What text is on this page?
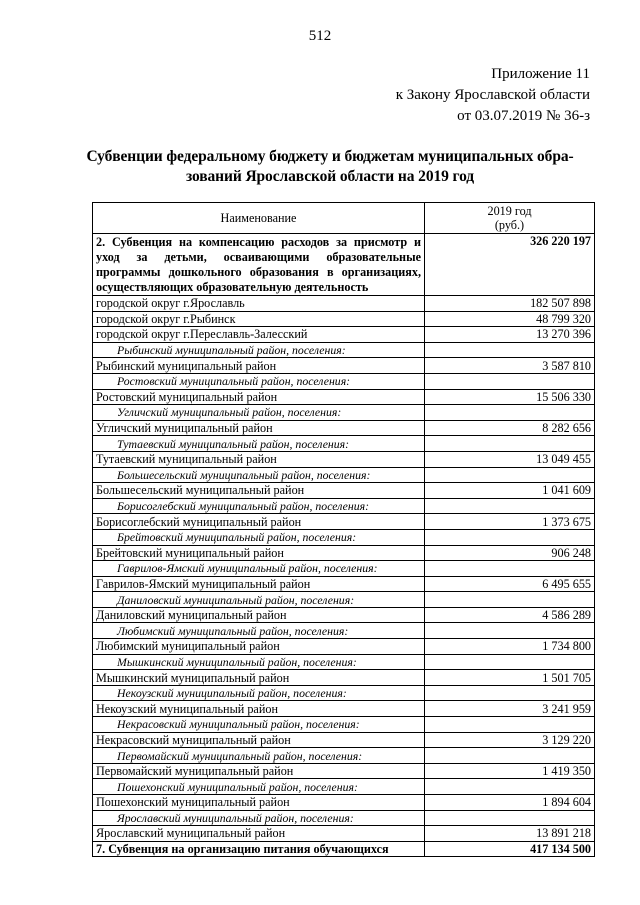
512
Приложение 11
к Закону Ярославской области
от 03.07.2019 № 36-з
Субвенции федеральному бюджету и бюджетам муниципальных обра-
зований Ярославской области на 2019 год
Наименование	2019 год
(руб.)

2. Субвенция на компенсацию расходов за присмотр и уход за детьми, осваивающими образовательные программы дошкольного образования в организациях, осуществляющих образовательную деятельность	326 220 197
городской округ г.Ярославль	182 507 898
городской округ г.Рыбинск	48 799 320
городской округ г.Переславль-Залесский	13 270 396
Рыбинский муниципальный район, поселения:	
Рыбинский муниципальный район	3 587 810
Ростовский муниципальный район, поселения:	
Ростовский муниципальный район	15 506 330
Угличский муниципальный район, поселения:	
Угличский муниципальный район	8 282 656
Тутаевский муниципальный район, поселения:	
Тутаевский муниципальный район	13 049 455
Большесельский муниципальный район, поселения:	
Большесельский муниципальный район	1 041 609
Борисоглебский муниципальный район, поселения:	
Борисоглебский муниципальный район	1 373 675
Брейтовский муниципальный район, поселения:	
Брейтовский муниципальный район	906 248
Гаврилов-Ямский муниципальный район, поселения:	
Гаврилов-Ямский муниципальный район	6 495 655
Даниловский муниципальный район, поселения:	
Даниловский муниципальный район	4 586 289
Любимский муниципальный район, поселения:	
Любимский муниципальный район	1 734 800
Мышкинский муниципальный район, поселения:	
Мышкинский муниципальный район	1 501 705
Некоузский муниципальный район, поселения:	
Некоузский муниципальный район	3 241 959
Некрасовский муниципальный район, поселения:	
Некрасовский муниципальный район	3 129 220
Первомайский муниципальный район, поселения:	
Первомайский муниципальный район	1 419 350
Пошехонский муниципальный район, поселения:	
Пошехонский муниципальный район	1 894 604
Ярославский муниципальный район, поселения:	
Ярославский муниципальный район	13 891 218
7. Субвенция на организацию питания обучающихся	417 134 500
